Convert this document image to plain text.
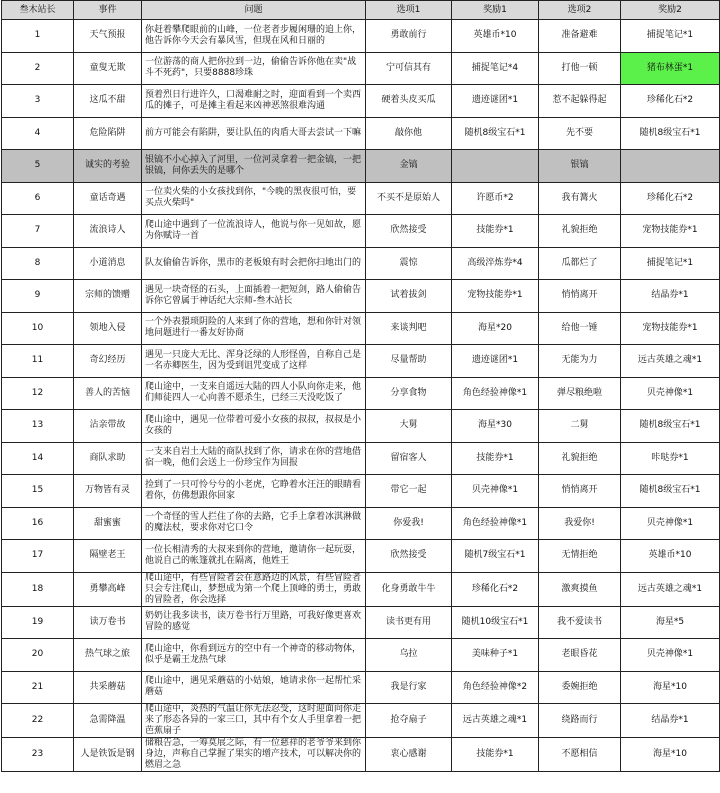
叁木站长	事件	问题	选项1	奖励1	选项2	奖励2
1	天气预报	你赶着攀爬眼前的山峰，一位老者步履闲珊的追上你，他告诉你今天会有暴风雪，但现在风和日丽的	勇敢前行	英雄币*10	准备避难	捕捉笔记*1
2	童叟无欺	一位游荡的商人把你拉到一边，偷偷告诉你他在卖"战斗不死药"，只要8888珍珠	宁可信其有	捕捉笔记*4	打他一顿	猪布林蛋*1
3	这瓜不甜	预着烈日行进许久，口渴难耐之时，迎面看到一个卖西瓜的摊子，可是摊主看起来凶神恶煞很难沟通	硬着头皮买瓜	遗迹谜团*1	惹不起躲得起	珍稀化石*2
4	危险陷阱	前方可能会有陷阱，要让队伍的肉盾大哥去尝试一下嘛	敲你他	随机8级宝石*1	先不要	随机8级宝石*1
5	诚实的考验	银镐不小心掉入了河里，一位河灵拿着一把金镐，一把银镐，问你丢失的是哪个	金镐		银镐	
6	童话奇遇	一位卖火柴的小女孩找到你，"今晚的黑夜很可怕，要买点火柴吗"	不买不是原始人	许愿币*2	我有篝火	珍稀化石*2
7	流浪诗人	爬山途中遇到了一位流浪诗人，他说与你一见如故，愿为你赋诗一首	欣然接受	技能券*1	礼貌拒绝	宠物技能券*1
8	小道消息	队友偷偷告诉你，黑市的老板娘有时会把你扫地出门的	震惊	高级淬炼券*4	瓜都烂了	捕捉笔记*1
9	宗师的馈赠	遇见一块奇怪的石头，上面插着一把短剑，路人偷偷告诉你它曾属于神话纪大宗师-叁木站长	试着拔剑	宠物技能券*1	悄悄离开	结晶券*1
10	领地入侵	一个外表猥琐阴险的人来到了你的营地，想和你针对领地问题进行一番友好协商	来谈判吧	海星*20	给他一锤	宠物技能券*1
11	奇幻经历	遇见一只庞大无比、浑身泛绿的人形怪兽，自称自己是一名赤卿医生，因为受到诅咒变成了这样	尽量帮助	遗迹谜团*1	无能为力	远古英雄之魂*1
12	善人的苦恼	爬山途中，一支来自遥远大陆的四人小队向你走来，他们师徒四人一心向善不愿杀生，已经三天没吃饭了	分享食物	角色经验神像*1	弹尽粮绝啦	贝壳神像*1
13	沾亲带故	爬山途中，遇见一位带着可爱小女孩的叔叔，叔叔是小女孩的	大舅	海星*30	二舅	随机8级宝石*1
14	商队求助	一支来自岩土大陆的商队找到了你，请求在你的营地借宿一晚，他们会送上一份珍宝作为回报	留宿客人	技能券*1	礼貌拒绝	咔哒券*1
15	万物皆有灵	捡到了一只可怜兮兮的小老虎，它睁着水汪汪的眼睛看着你，仿佛想跟你回家	带它一起	贝壳神像*1	悄悄离开	随机8级宝石*1
16	甜蜜蜜	一个奇怪的雪人拦住了你的去路，它手上拿着冰淇淋做的魔法杖，要求你对它口令	你爱我!	角色经验神像*1	我爱你!	贝壳神像*1
17	隔壁老王	一位长相清秀的大叔来到你的营地，邀请你一起玩耍，他说自己的帐篷就扎在隔离，他姓王	欣然接受	随机7级宝石*1	无情拒绝	英雄币*10
18	勇攀高峰	爬山途中，有些冒险者会在意路边的风景，有些冒险者只会专注爬山，梦想成为第一个爬上顶峰的勇士，勇敢的冒险者，你会选择	化身勇敢牛牛	珍稀化石*2	激爽摸鱼	远古英雄之魂*1
19	读万卷书	奶奶让我多读书，读万卷书行万里路，可我好像更喜欢冒险的感觉	读书更有用	随机10级宝石*1	我不爱读书	海星*5
20	热气球之旅	爬山途中，你看到远方的空中有一个神奇的移动物体，似乎是霸王龙热气球	乌拉	美味种子*1	老眼昏花	贝壳神像*1
21	共采蘑菇	爬山途中，遇见采蘑菇的小姑娘，她请求你一起帮忙采蘑菇	我是行家	角色经验神像*2	委婉拒绝	海星*10
22	急需降温	爬山途中，炎热的气温让你无法忍受，这时迎面向你走来了形态各异的一家三口，其中有个女人手里拿着一把芭蕉扇子	抢夺扇子	远古英雄之魂*1	绕路而行	结晶券*1
23	人是铁饭是钢	储粮告急，一筹莫展之际，有一位慈祥的老爷爷来到你身边，声称自己掌握了果实的增产技术，可以解决你的燃眉之急	衷心感谢	技能券*1	不愿相信	海星*10
